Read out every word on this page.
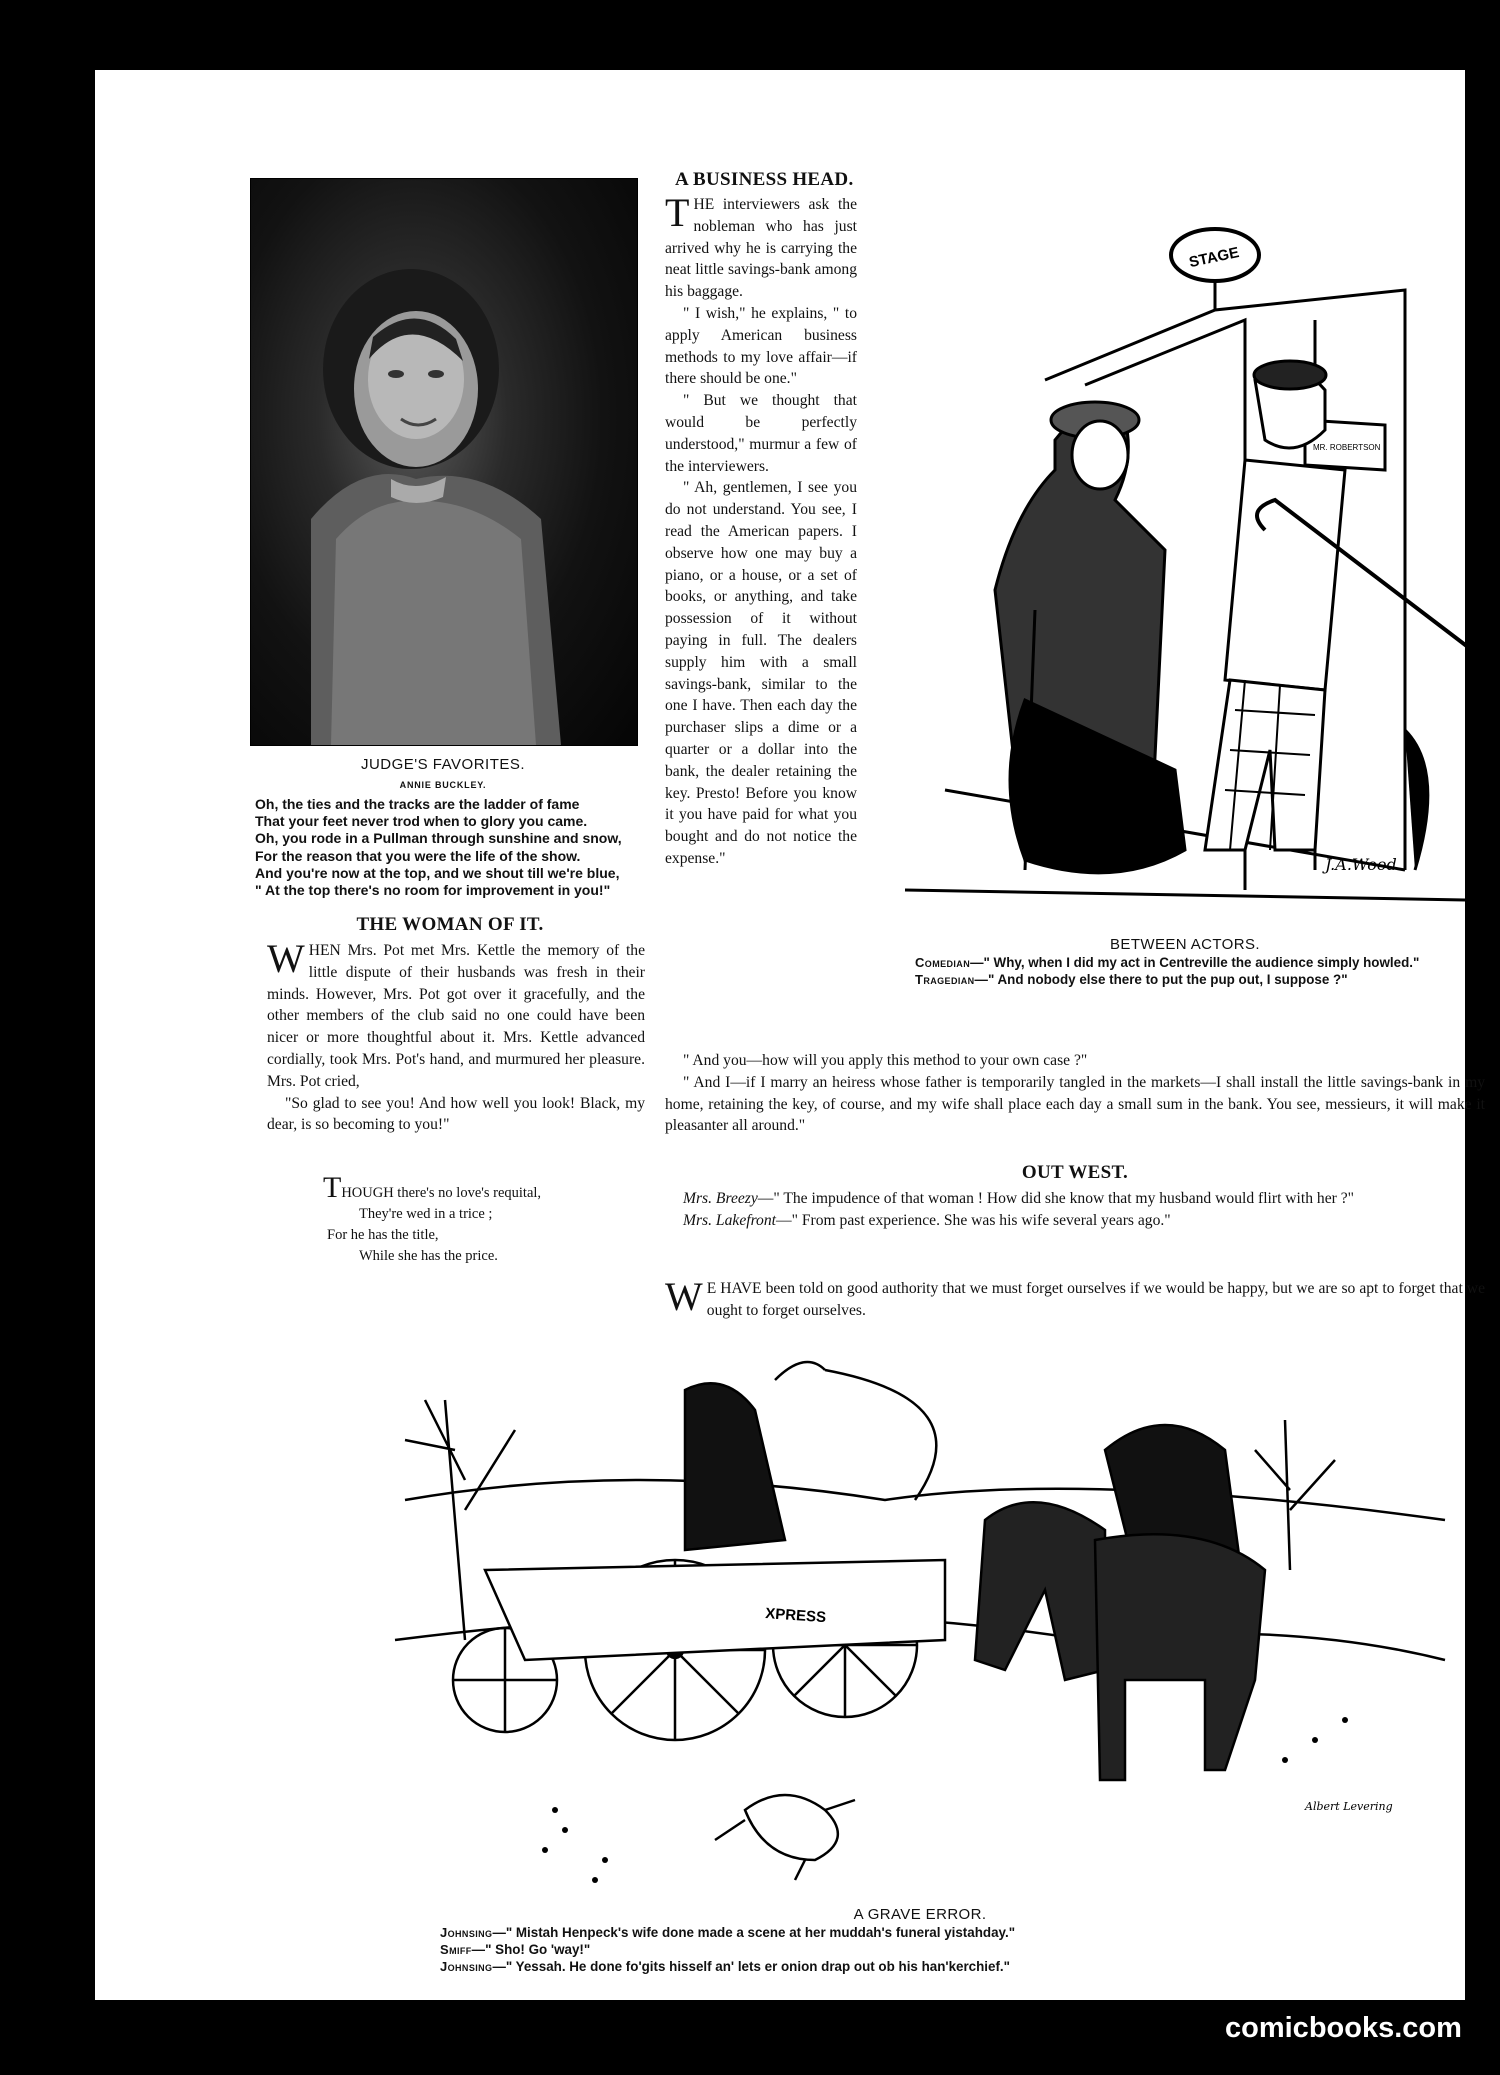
JUDGE'S FAVORITES.
ANNIE BUCKLEY.
Oh, the ties and the tracks are the ladder of fame
That your feet never trod when to glory you came.
Oh, you rode in a Pullman through sunshine and snow,
For the reason that you were the life of the show.
And you're now at the top, and we shout till we're blue,
" At the top there's no room for improvement in you!"
THE WOMAN OF IT.

WHEN Mrs. Pot met Mrs. Kettle the memory of the little dispute of their husbands was fresh in their minds. However, Mrs. Pot got over it gracefully, and the other members of the club said no one could have been nicer or more thoughtful about it. Mrs. Kettle advanced cordially, took Mrs. Pot's hand, and murmured her pleasure. Mrs. Pot cried,

"So glad to see you! And how well you look! Black, my dear, is so becoming to you!"

THOUGH there's no love's requital,
They're wed in a trice ;
For he has the title,
While she has the price.
A BUSINESS HEAD.

THE interviewers ask the nobleman who has just arrived why he is carrying the neat little savings-bank among his baggage.

" I wish," he explains, " to apply American business methods to my love affair—if there should be one."

" But we thought that would be perfectly understood," murmur a few of the interviewers.

" Ah, gentlemen, I see you do not understand. You see, I read the American papers. I observe how one may buy a piano, or a house, or a set of books, or anything, and take possession of it without paying in full. The dealers supply him with a small savings-bank, similar to the one I have. Then each day the purchaser slips a dime or a quarter or a dollar into the bank, the dealer retaining the key. Presto! Before you know it you have paid for what you bought and do not notice the expense."

" And you—how will you apply this method to your own case ?"

" And I—if I marry an heiress whose father is temporarily tangled in the markets—I shall install the little savings-bank in my home, retaining the key, of course, and my wife shall place each day a small sum in the bank. You see, messieurs, it will make it pleasanter all around."

STAGE
MR. ROBERTSON
J.A.Wood
BETWEEN ACTORS.
Comedian—" Why, when I did my act in Centreville the audience simply howled."
Tragedian—" And nobody else there to put the pup out, I suppose ?"
OUT WEST.

Mrs. Breezy—" The impudence of that woman ! How did she know that my husband would flirt with her ?"

Mrs. Lakefront—" From past experience. She was his wife several years ago."

W E HAVE been told on good authority that we must forget ourselves if we would be happy, but we are so apt to forget that we ought to forget ourselves.

XPRESS
Albert Levering
A GRAVE ERROR.
Johnsing—" Mistah Henpeck's wife done made a scene at her muddah's funeral yistahday."
Smiff—" Sho! Go 'way!"
Johnsing—" Yessah. He done fo'gits hisself an' lets er onion drap out ob his han'kerchief."
comicbooks.com
